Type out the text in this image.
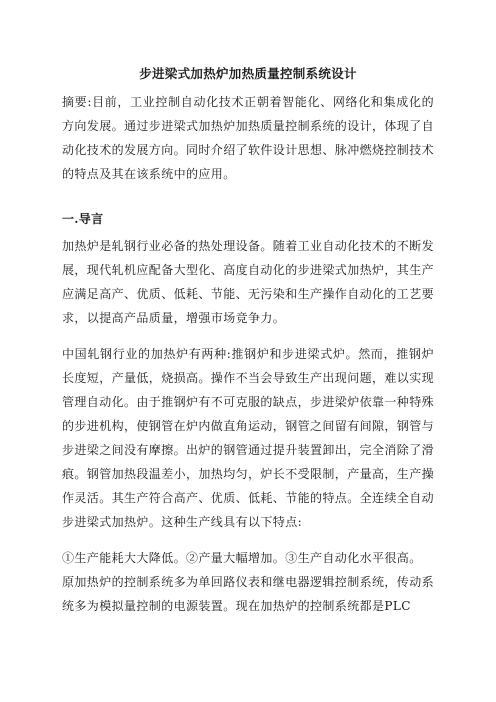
步进梁式加热炉加热质量控制系统设计
摘要:目前，工业控制自动化技术正朝着智能化、网络化和集成化的方向发展。通过步进梁式加热炉加热质量控制系统的设计，体现了自动化技术的发展方向。同时介绍了软件设计思想、脉冲燃烧控制技术的特点及其在该系统中的应用。
一.导言
加热炉是轧钢行业必备的热处理设备。随着工业自动化技术的不断发展，现代轧机应配备大型化、高度自动化的步进梁式加热炉，其生产应满足高产、优质、低耗、节能、无污染和生产操作自动化的工艺要求，以提高产品质量，增强市场竞争力。
中国轧钢行业的加热炉有两种:推钢炉和步进梁式炉。然而，推钢炉长度短，产量低，烧损高。操作不当会导致生产出现问题，难以实现管理自动化。由于推钢炉有不可克服的缺点，步进梁炉依靠一种特殊的步进机构，使钢管在炉内做直角运动，钢管之间留有间隙，钢管与步进梁之间没有摩擦。出炉的钢管通过提升装置卸出，完全消除了滑痕。钢管加热段温差小，加热均匀，炉长不受限制，产量高，生产操作灵活。其生产符合高产、优质、低耗、节能的特点。全连续全自动步进梁式加热炉。这种生产线具有以下特点:
①生产能耗大大降低。②产量大幅增加。③生产自动化水平很高。
原加热炉的控制系统多为单回路仪表和继电器逻辑控制系统，传动系统多为模拟量控制的电源装置。现在加热炉的控制系统都是PLC
